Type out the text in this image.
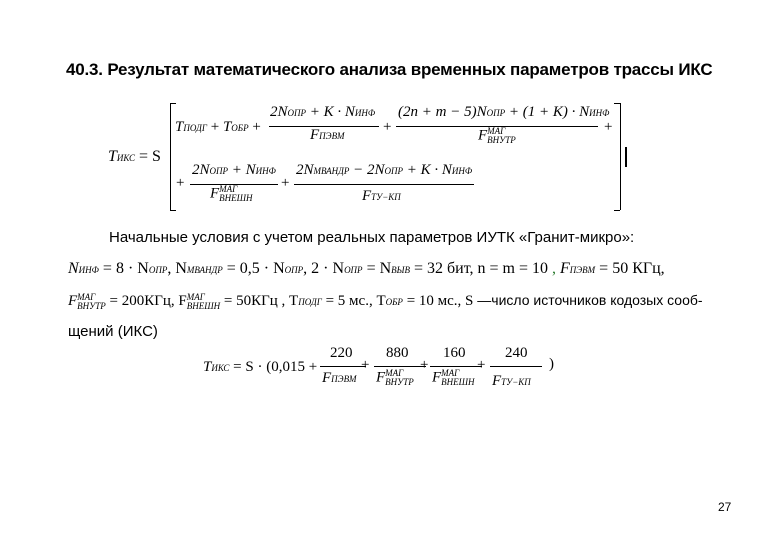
40.3. Результат математического анализа временных параметров трассы ИКС
TИКС = S
TПОДГ + TОБР +
2NОПР + K · NИНФ
FПЭВМ
+
(2n + m − 5)NОПР + (1 + K) · NИНФ
F МАГ
ВНУТР
+
+
2NОПР + NИНФ
F МАГ
ВНЕШН
+
2NМВАНДР − 2NОПР + K · NИНФ
FТУ−КП
Начальные условия с учетом реальных параметров ИУТК «Гранит-микро»:
NИНФ = 8 · NОПР, NМВАНДР = 0,5 · NОПР, 2 · NОПР = NВЫВ = 32 бит, n = m = 10 , FПЭВМ = 50 КГц,
F МАГ
ВНУТР = 200КГц, F МАГ
ВНЕШН = 50КГц , TПОДГ = 5 мс., TОБР = 10 мс., S —число источников кодозых сооб-
щений (ИКС)
TИКС = S · (0,015 +
220
FПЭВМ
+
880
F МАГ
ВНУТР
+
160
F МАГ
ВНЕШН
+
240
FТУ−КП
)
27
